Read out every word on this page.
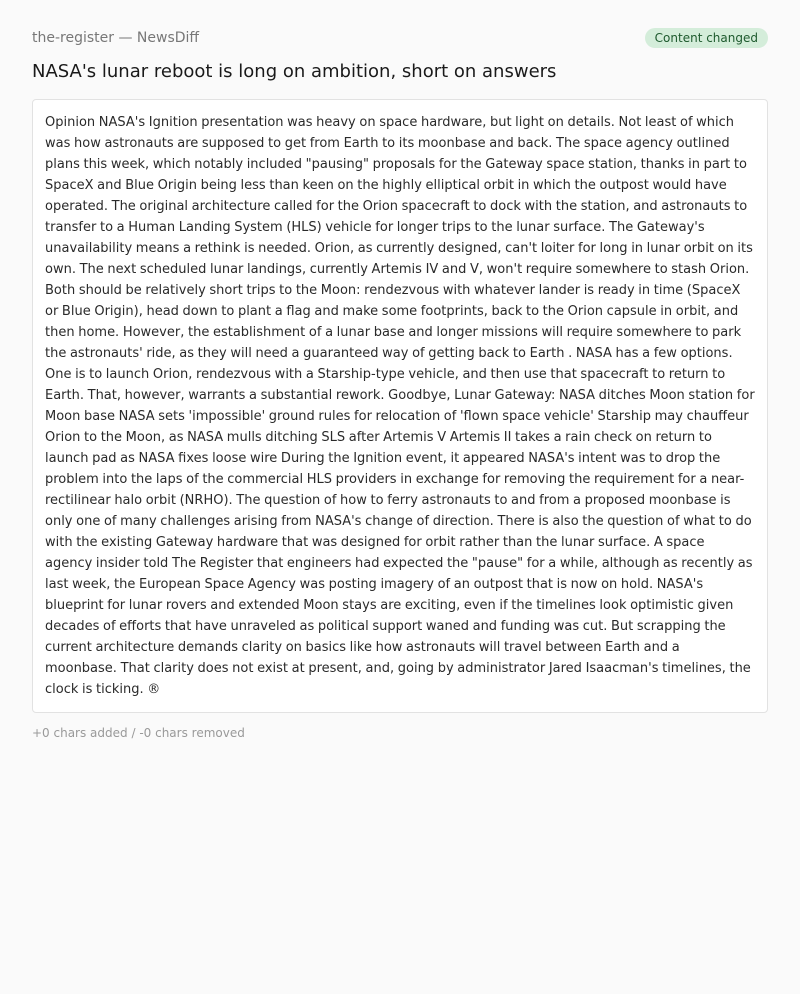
the-register — NewsDiff	Content changed
NASA's lunar reboot is long on ambition, short on answers

Opinion NASA's Ignition presentation was heavy on space hardware, but light on details. Not least of which was how astronauts are supposed to get from Earth to its moonbase and back. The space agency outlined plans this week, which notably included "pausing" proposals for the Gateway space station, thanks in part to SpaceX and Blue Origin being less than keen on the highly elliptical orbit in which the outpost would have operated. The original architecture called for the Orion spacecraft to dock with the station, and astronauts to transfer to a Human Landing System (HLS) vehicle for longer trips to the lunar surface. The Gateway's unavailability means a rethink is needed. Orion, as currently designed, can't loiter for long in lunar orbit on its own. The next scheduled lunar landings, currently Artemis IV and V, won't require somewhere to stash Orion. Both should be relatively short trips to the Moon: rendezvous with whatever lander is ready in time (SpaceX or Blue Origin), head down to plant a flag and make some footprints, back to the Orion capsule in orbit, and then home. However, the establishment of a lunar base and longer missions will require somewhere to park the astronauts' ride, as they will need a guaranteed way of getting back to Earth . NASA has a few options. One is to launch Orion, rendezvous with a Starship-type vehicle, and then use that spacecraft to return to Earth. That, however, warrants a substantial rework. Goodbye, Lunar Gateway: NASA ditches Moon station for Moon base NASA sets 'impossible' ground rules for relocation of 'flown space vehicle' Starship may chauffeur Orion to the Moon, as NASA mulls ditching SLS after Artemis V Artemis II takes a rain check on return to launch pad as NASA fixes loose wire During the Ignition event, it appeared NASA's intent was to drop the problem into the laps of the commercial HLS providers in exchange for removing the requirement for a near-rectilinear halo orbit (NRHO). The question of how to ferry astronauts to and from a proposed moonbase is only one of many challenges arising from NASA's change of direction. There is also the question of what to do with the existing Gateway hardware that was designed for orbit rather than the lunar surface. A space agency insider told The Register that engineers had expected the "pause" for a while, although as recently as last week, the European Space Agency was posting imagery of an outpost that is now on hold. NASA's blueprint for lunar rovers and extended Moon stays are exciting, even if the timelines look optimistic given decades of efforts that have unraveled as political support waned and funding was cut. But scrapping the current architecture demands clarity on basics like how astronauts will travel between Earth and a moonbase. That clarity does not exist at present, and, going by administrator Jared Isaacman's timelines, the clock is ticking. ®

+0 chars added / -0 chars removed
